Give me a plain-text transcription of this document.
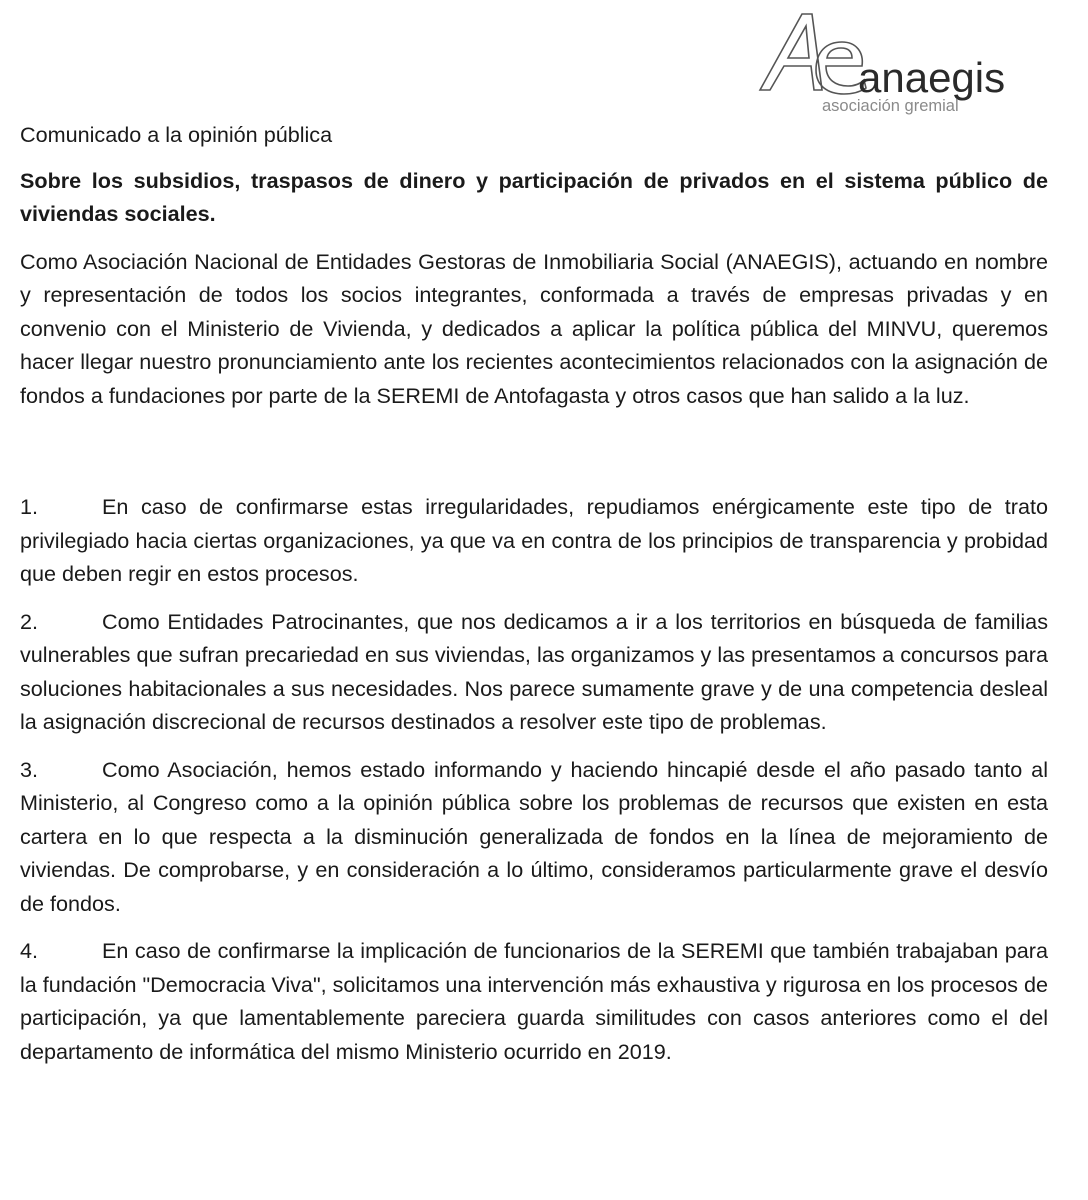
anaegis
asociación gremial

Comunicado a la opinión pública

Sobre los subsidios, traspasos de dinero y participación de privados en el sistema público de viviendas sociales.

Como Asociación Nacional de Entidades Gestoras de Inmobiliaria Social (ANAEGIS), actuando en nombre y representación de todos los socios integrantes, conformada a través de empresas privadas y en convenio con el Ministerio de Vivienda, y dedicados a aplicar la política pública del MINVU, queremos hacer llegar nuestro pronunciamiento ante los recientes acontecimientos relacionados con la asignación de fondos a fundaciones por parte de la SEREMI de Antofagasta y otros casos que han salido a la luz.

1.	En caso de confirmarse estas irregularidades, repudiamos enérgicamente este tipo de trato privilegiado hacia ciertas organizaciones, ya que va en contra de los principios de transparencia y probidad que deben regir en estos procesos.

2.	Como Entidades Patrocinantes, que nos dedicamos a ir a los territorios en búsqueda de familias vulnerables que sufran precariedad en sus viviendas, las organizamos y las presentamos a concursos para soluciones habitacionales a sus necesidades. Nos parece sumamente grave y de una competencia desleal la asignación discrecional de recursos destinados a resolver este tipo de problemas.

3.	Como Asociación, hemos estado informando y haciendo hincapié desde el año pasado tanto al Ministerio, al Congreso como a la opinión pública sobre los problemas de recursos que existen en esta cartera en lo que respecta a la disminución generalizada de fondos en la línea de mejoramiento de viviendas. De comprobarse, y en consideración a lo último, consideramos particularmente grave el desvío de fondos.

4.	En caso de confirmarse la implicación de funcionarios de la SEREMI que también trabajaban para la fundación "Democracia Viva", solicitamos una intervención más exhaustiva y rigurosa en los procesos de participación, ya que lamentablemente pareciera guarda similitudes con casos anteriores como el del departamento de informática del mismo Ministerio ocurrido en 2019.
